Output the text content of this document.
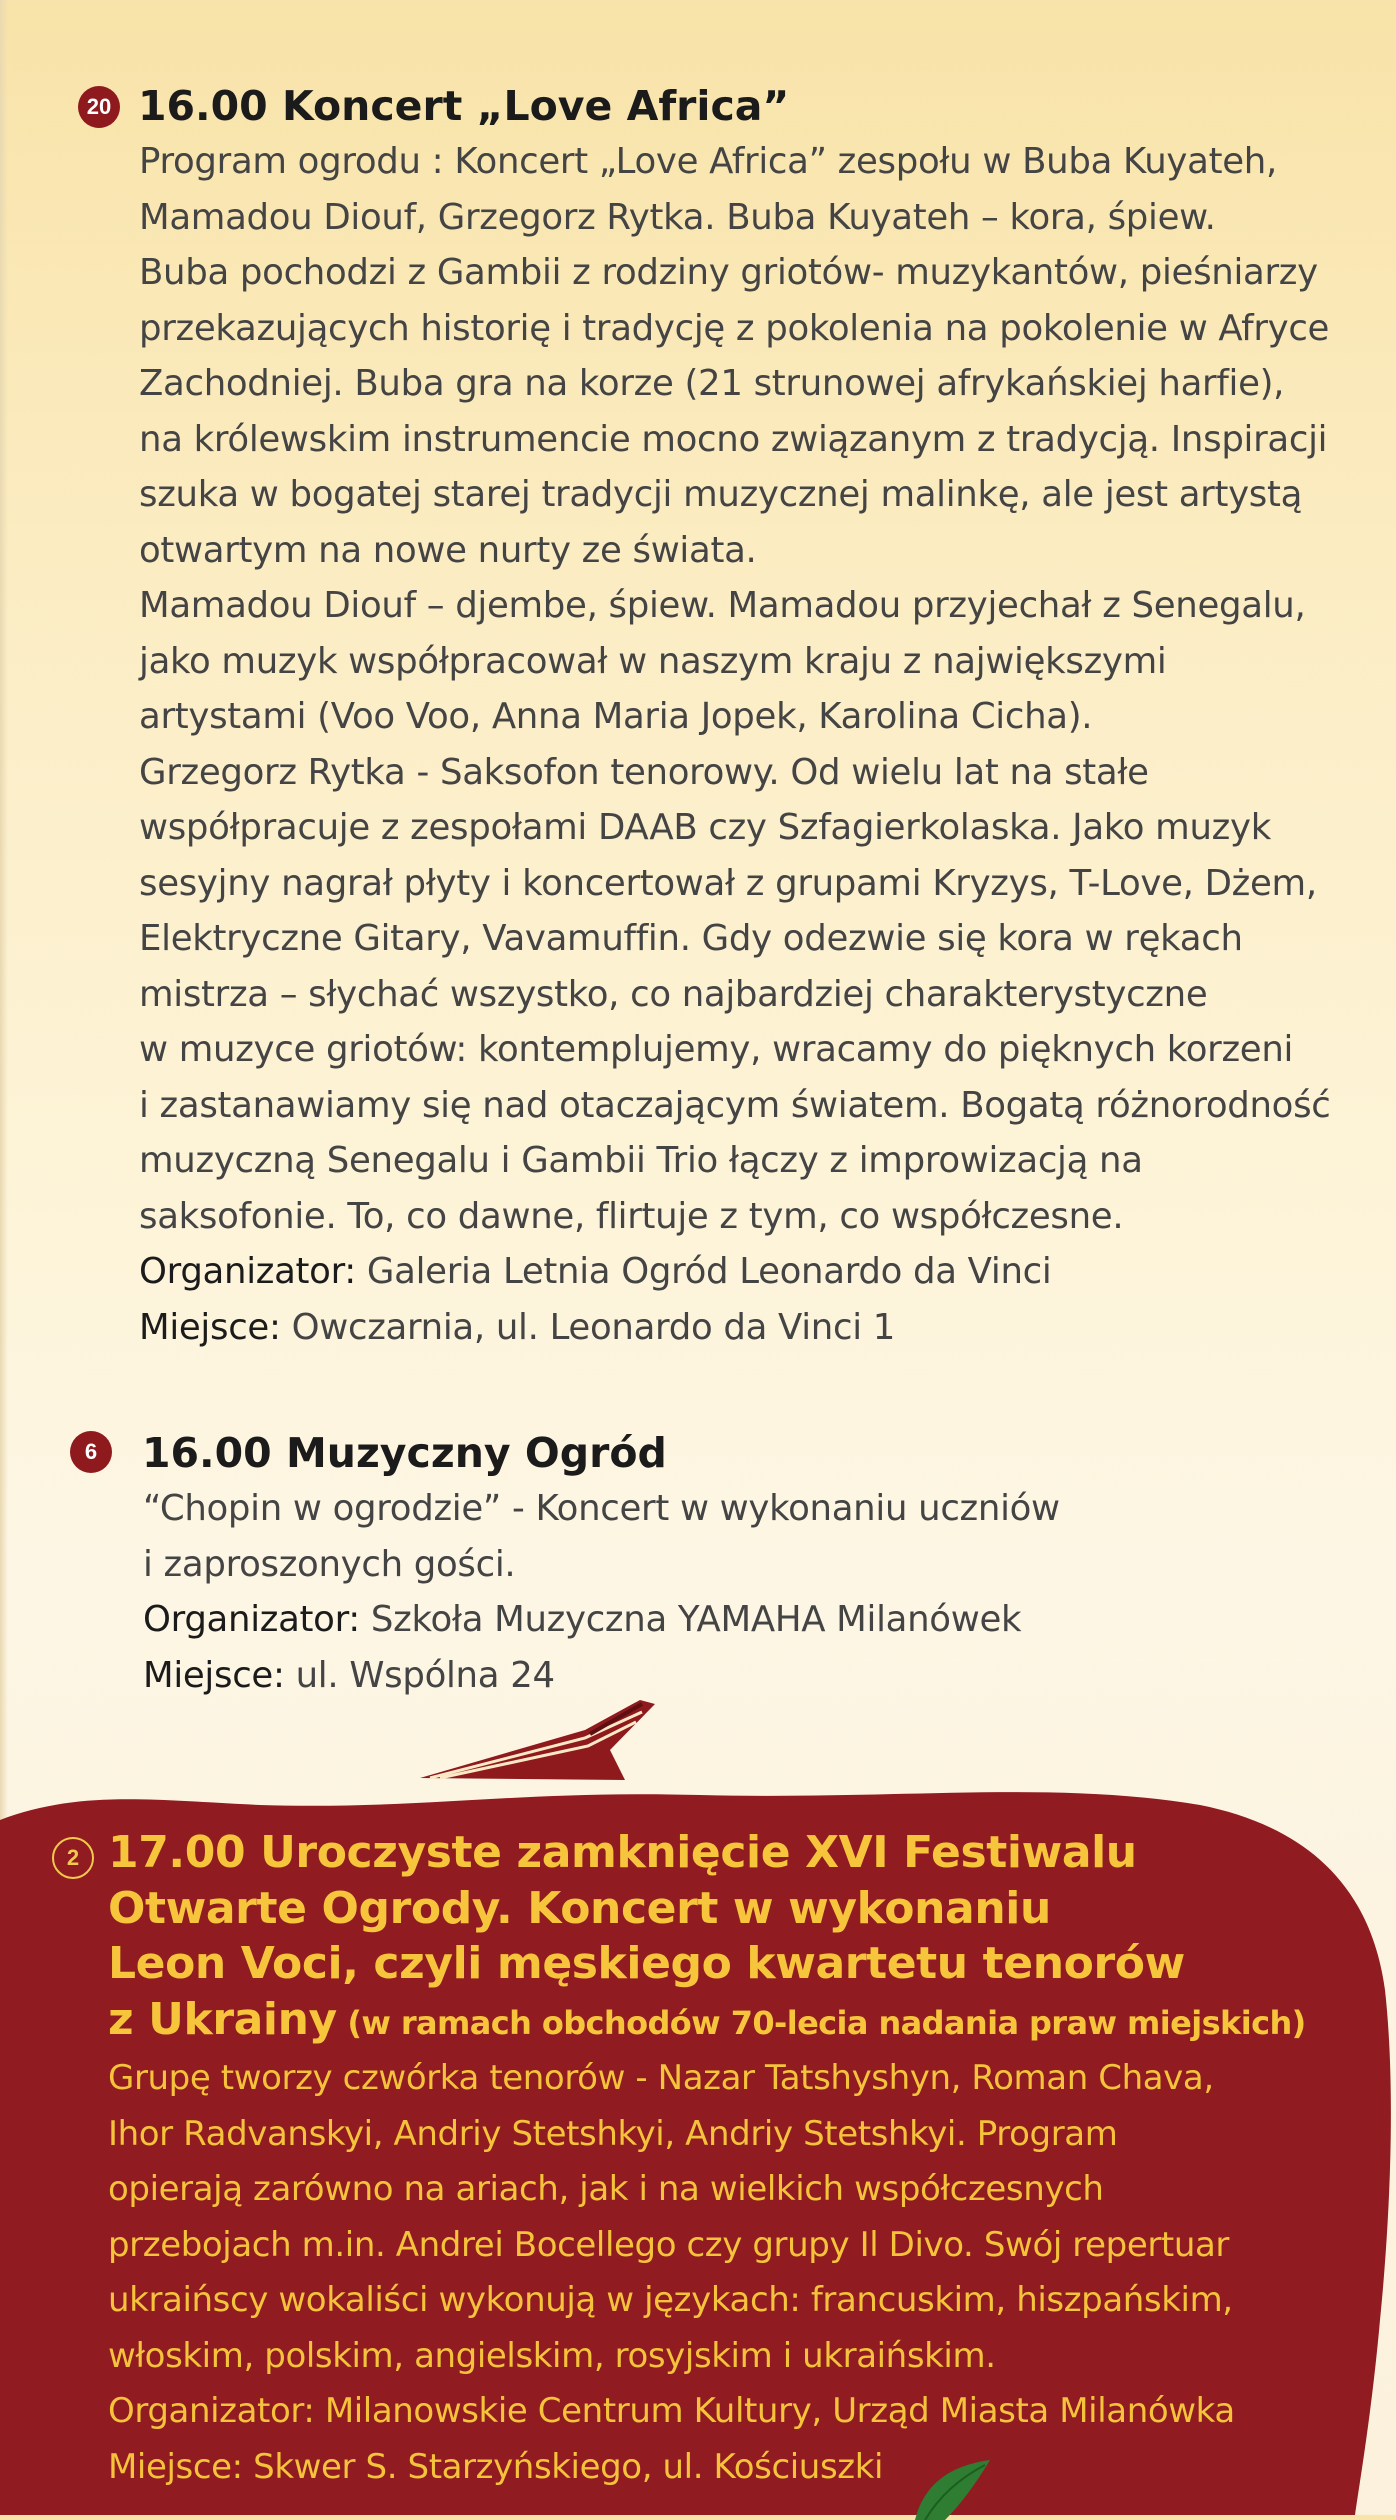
20 16.00 Koncert „Love Africa”
Program ogrodu : Koncert „Love Africa” zespołu w Buba Kuyateh,
Mamadou Diouf, Grzegorz Rytka. Buba Kuyateh – kora, śpiew.
Buba pochodzi z Gambii z rodziny griotów- muzykantów, pieśniarzy
przekazujących historię i tradycję z pokolenia na pokolenie w Afryce
Zachodniej. Buba gra na korze (21 strunowej afrykańskiej harfie),
na królewskim instrumencie mocno związanym z tradycją. Inspiracji
szuka w bogatej starej tradycji muzycznej malinkę, ale jest artystą
otwartym na nowe nurty ze świata.
Mamadou Diouf – djembe, śpiew. Mamadou przyjechał z Senegalu,
jako muzyk współpracował w naszym kraju z największymi
artystami (Voo Voo, Anna Maria Jopek, Karolina Cicha).
Grzegorz Rytka - Saksofon tenorowy. Od wielu lat na stałe
współpracuje z zespołami DAAB czy Szfagierkolaska. Jako muzyk
sesyjny nagrał płyty i koncertował z grupami Kryzys, T-Love, Dżem,
Elektryczne Gitary, Vavamuffin. Gdy odezwie się kora w rękach
mistrza – słychać wszystko, co najbardziej charakterystyczne
w muzyce griotów: kontemplujemy, wracamy do pięknych korzeni
i zastanawiamy się nad otaczającym światem. Bogatą różnorodność
muzyczną Senegalu i Gambii Trio łączy z improwizacją na
saksofonie. To, co dawne, flirtuje z tym, co współczesne.
Organizator: Galeria Letnia Ogród Leonardo da Vinci
Miejsce: Owczarnia, ul. Leonardo da Vinci 1
6	16.00 Muzyczny Ogród
“Chopin w ogrodzie” - Koncert w wykonaniu uczniów
i zaproszonych gości.
Organizator: Szkoła Muzyczna YAMAHA Milanówek
Miejsce: ul. Wspólna 24
2 17.00 Uroczyste zamknięcie XVI Festiwalu
Otwarte Ogrody. Koncert w wykonaniu
Leon Voci, czyli męskiego kwartetu tenorów
z Ukrainy (w ramach obchodów 70-lecia nadania praw miejskich)
Grupę tworzy czwórka tenorów - Nazar Tatshyshyn, Roman Chava,
Ihor Radvanskyi, Andriy Stetshkyi, Andriy Stetshkyi. Program
opierają zarówno na ariach, jak i na wielkich współczesnych
przebojach m.in. Andrei Bocellego czy grupy Il Divo. Swój repertuar
ukraińscy wokaliści wykonują w językach: francuskim, hiszpańskim,
włoskim, polskim, angielskim, rosyjskim i ukraińskim.
Organizator: Milanowskie Centrum Kultury, Urząd Miasta Milanówka
Miejsce: Skwer S. Starzyńskiego, ul. Kościuszki
